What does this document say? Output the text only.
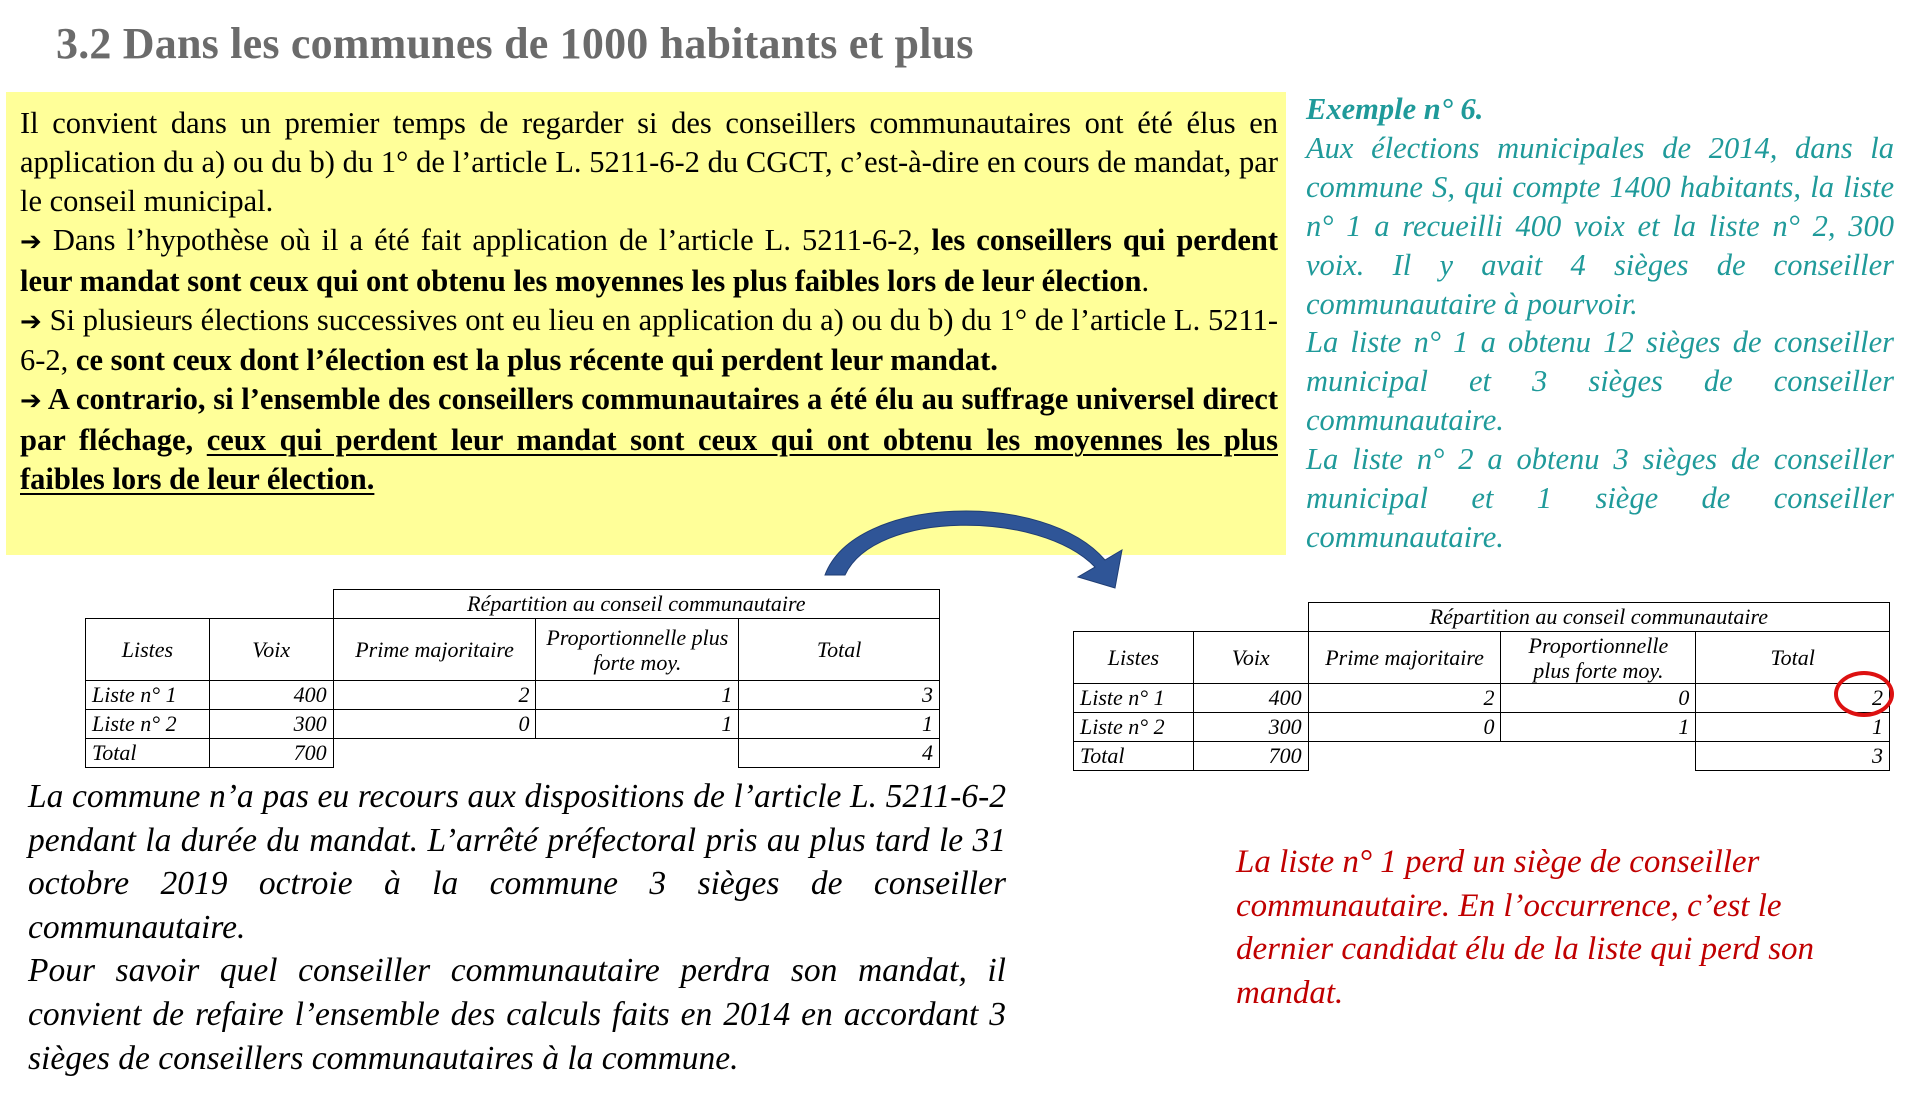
3.2 Dans les communes de 1000 habitants et plus

Il convient dans un premier temps de regarder si des conseillers communautaires ont été élus en application du a) ou du b) du 1° de l’article L. 5211-6-2 du CGCT, c’est-à-dire en cours de mandat, par le conseil municipal.

➔ Dans l’hypothèse où il a été fait application de l’article L. 5211-6-2, les conseillers qui perdent leur mandat sont ceux qui ont obtenu les moyennes les plus faibles lors de leur élection.

➔ Si plusieurs élections successives ont eu lieu en application du a) ou du b) du 1° de l’article L. 5211-6-2, ce sont ceux dont l’élection est la plus récente qui perdent leur mandat.

➔ A contrario, si l’ensemble des conseillers communautaires a été élu au suffrage universel direct par fléchage, ceux qui perdent leur mandat sont ceux qui ont obtenu les moyennes les plus faibles lors de leur élection.

Exemple n° 6.

Aux élections municipales de 2014, dans la commune S, qui compte 1400 habitants, la liste n° 1 a recueilli 400 voix et la liste n° 2, 300 voix. Il y avait 4 sièges de conseiller communautaire à pourvoir.

La liste n° 1 a obtenu 12 sièges de conseiller municipal et 3 sièges de conseiller communautaire.

La liste n° 2 a obtenu 3 sièges de conseiller municipal et 1 siège de conseiller communautaire.

		Répartition au conseil communautaire		
Listes	Voix	Prime majoritaire	Proportionnelle plus forte moy.	Total
Liste n° 1	400	2	1	3
Liste n° 2	300	0	1	1
Total	700			4
		Répartition au conseil communautaire		
Listes	Voix	Prime majoritaire	Proportionnelle plus forte moy.	Total
Liste n° 1	400	2	0	2
Liste n° 2	300	0	1	1
Total	700			3

La commune n’a pas eu recours aux dispositions de l’article L. 5211-6-2 pendant la durée du mandat. L’arrêté préfectoral pris au plus tard le 31 octobre 2019 octroie à la commune 3 sièges de conseiller communautaire.

Pour savoir quel conseiller communautaire perdra son mandat, il convient de refaire l’ensemble des calculs faits en 2014 en accordant 3 sièges de conseillers communautaires à la commune.

La liste n° 1 perd un siège de conseiller communautaire. En l’occurrence, c’est le dernier candidat élu de la liste qui perd son mandat.
